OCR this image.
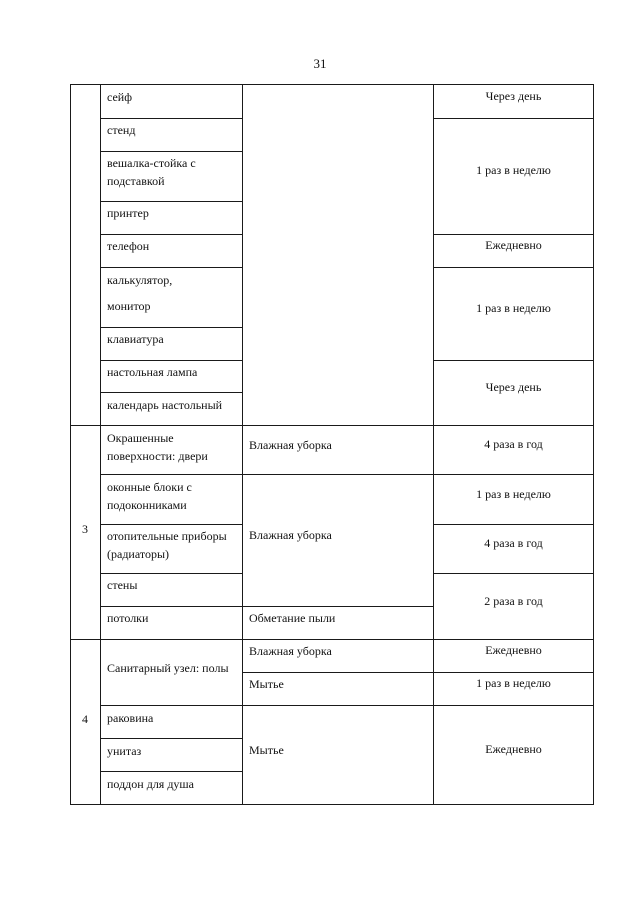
31
3
4
сейф
стенд
вешалка-стойка с подставкой
принтер
телефон
калькулятор,
монитор
клавиатура
настольная лампа
календарь настольный
Окрашенные поверхности: двери
оконные блоки с подоконниками
отопительные приборы (радиаторы)
стены
потолки
Санитарный узел: полы
раковина
унитаз
поддон для душа
Влажная уборка
Влажная уборка
Обметание пыли
Влажная уборка
Мытье
Мытье
Через день
1 раз в неделю
Ежедневно
1 раз в неделю
Через день
4 раза в год
1 раз в неделю
4 раза в год
2 раза в год
Ежедневно
1 раз в неделю
Ежедневно
